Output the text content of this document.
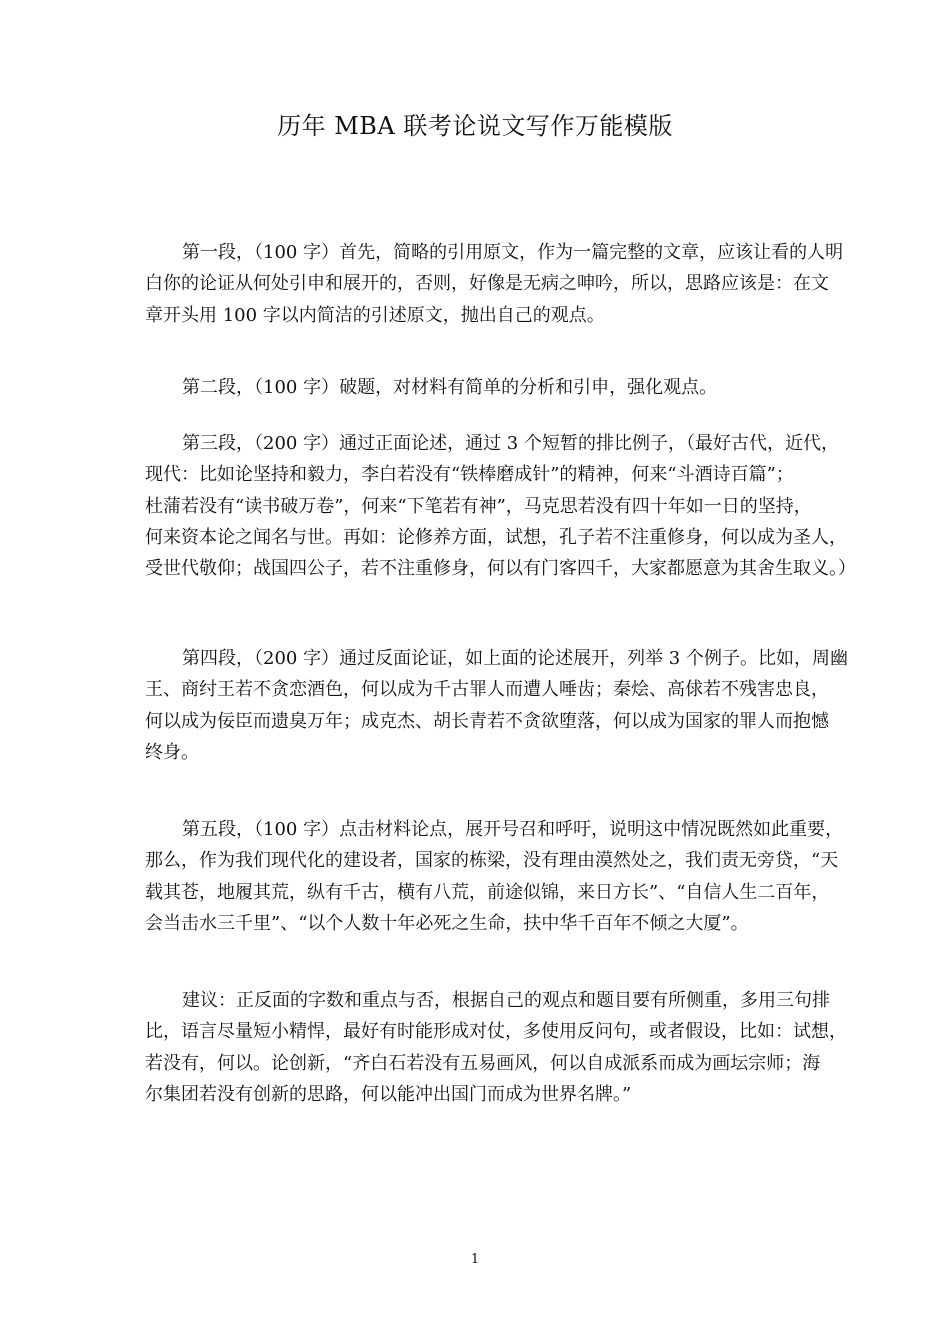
历年 MBA 联考论说文写作万能模版
第一段，（100 字）首先，简略的引用原文，作为一篇完整的文章，应该让看的人明
白你的论证从何处引申和展开的，否则，好像是无病之呻吟，所以，思路应该是：在文
章开头用 100 字以内简洁的引述原文，抛出自己的观点。
第二段，（100 字）破题，对材料有简单的分析和引申，强化观点。
第三段，（200 字）通过正面论述，通过 3 个短暂的排比例子，（最好古代，近代，
现代：比如论坚持和毅力，李白若没有“铁棒磨成针”的精神，何来“斗酒诗百篇”；
杜蒲若没有“读书破万卷”，何来“下笔若有神”，马克思若没有四十年如一日的坚持，
何来资本论之闻名与世。再如：论修养方面，试想，孔子若不注重修身，何以成为圣人，
受世代敬仰；战国四公子，若不注重修身，何以有门客四千，大家都愿意为其舍生取义。）
第四段，（200 字）通过反面论证，如上面的论述展开，列举 3 个例子。比如，周幽
王、商纣王若不贪恋酒色，何以成为千古罪人而遭人唾齿；秦烩、高俅若不残害忠良，
何以成为佞臣而遗臭万年；成克杰、胡长青若不贪欲堕落，何以成为国家的罪人而抱憾
终身。
第五段，（100 字）点击材料论点，展开号召和呼吁，说明这中情况既然如此重要，
那么，作为我们现代化的建设者，国家的栋梁，没有理由漠然处之，我们责无旁贷，“天
载其苍，地履其荒，纵有千古，横有八荒，前途似锦，来日方长”、“自信人生二百年，
会当击水三千里”、“以个人数十年必死之生命，扶中华千百年不倾之大厦”。
建议：正反面的字数和重点与否，根据自己的观点和题目要有所侧重，多用三句排
比，语言尽量短小精悍，最好有时能形成对仗，多使用反问句，或者假设，比如：试想，
若没有，何以。论创新，“齐白石若没有五易画风，何以自成派系而成为画坛宗师；海
尔集团若没有创新的思路，何以能冲出国门而成为世界名牌。”
1
